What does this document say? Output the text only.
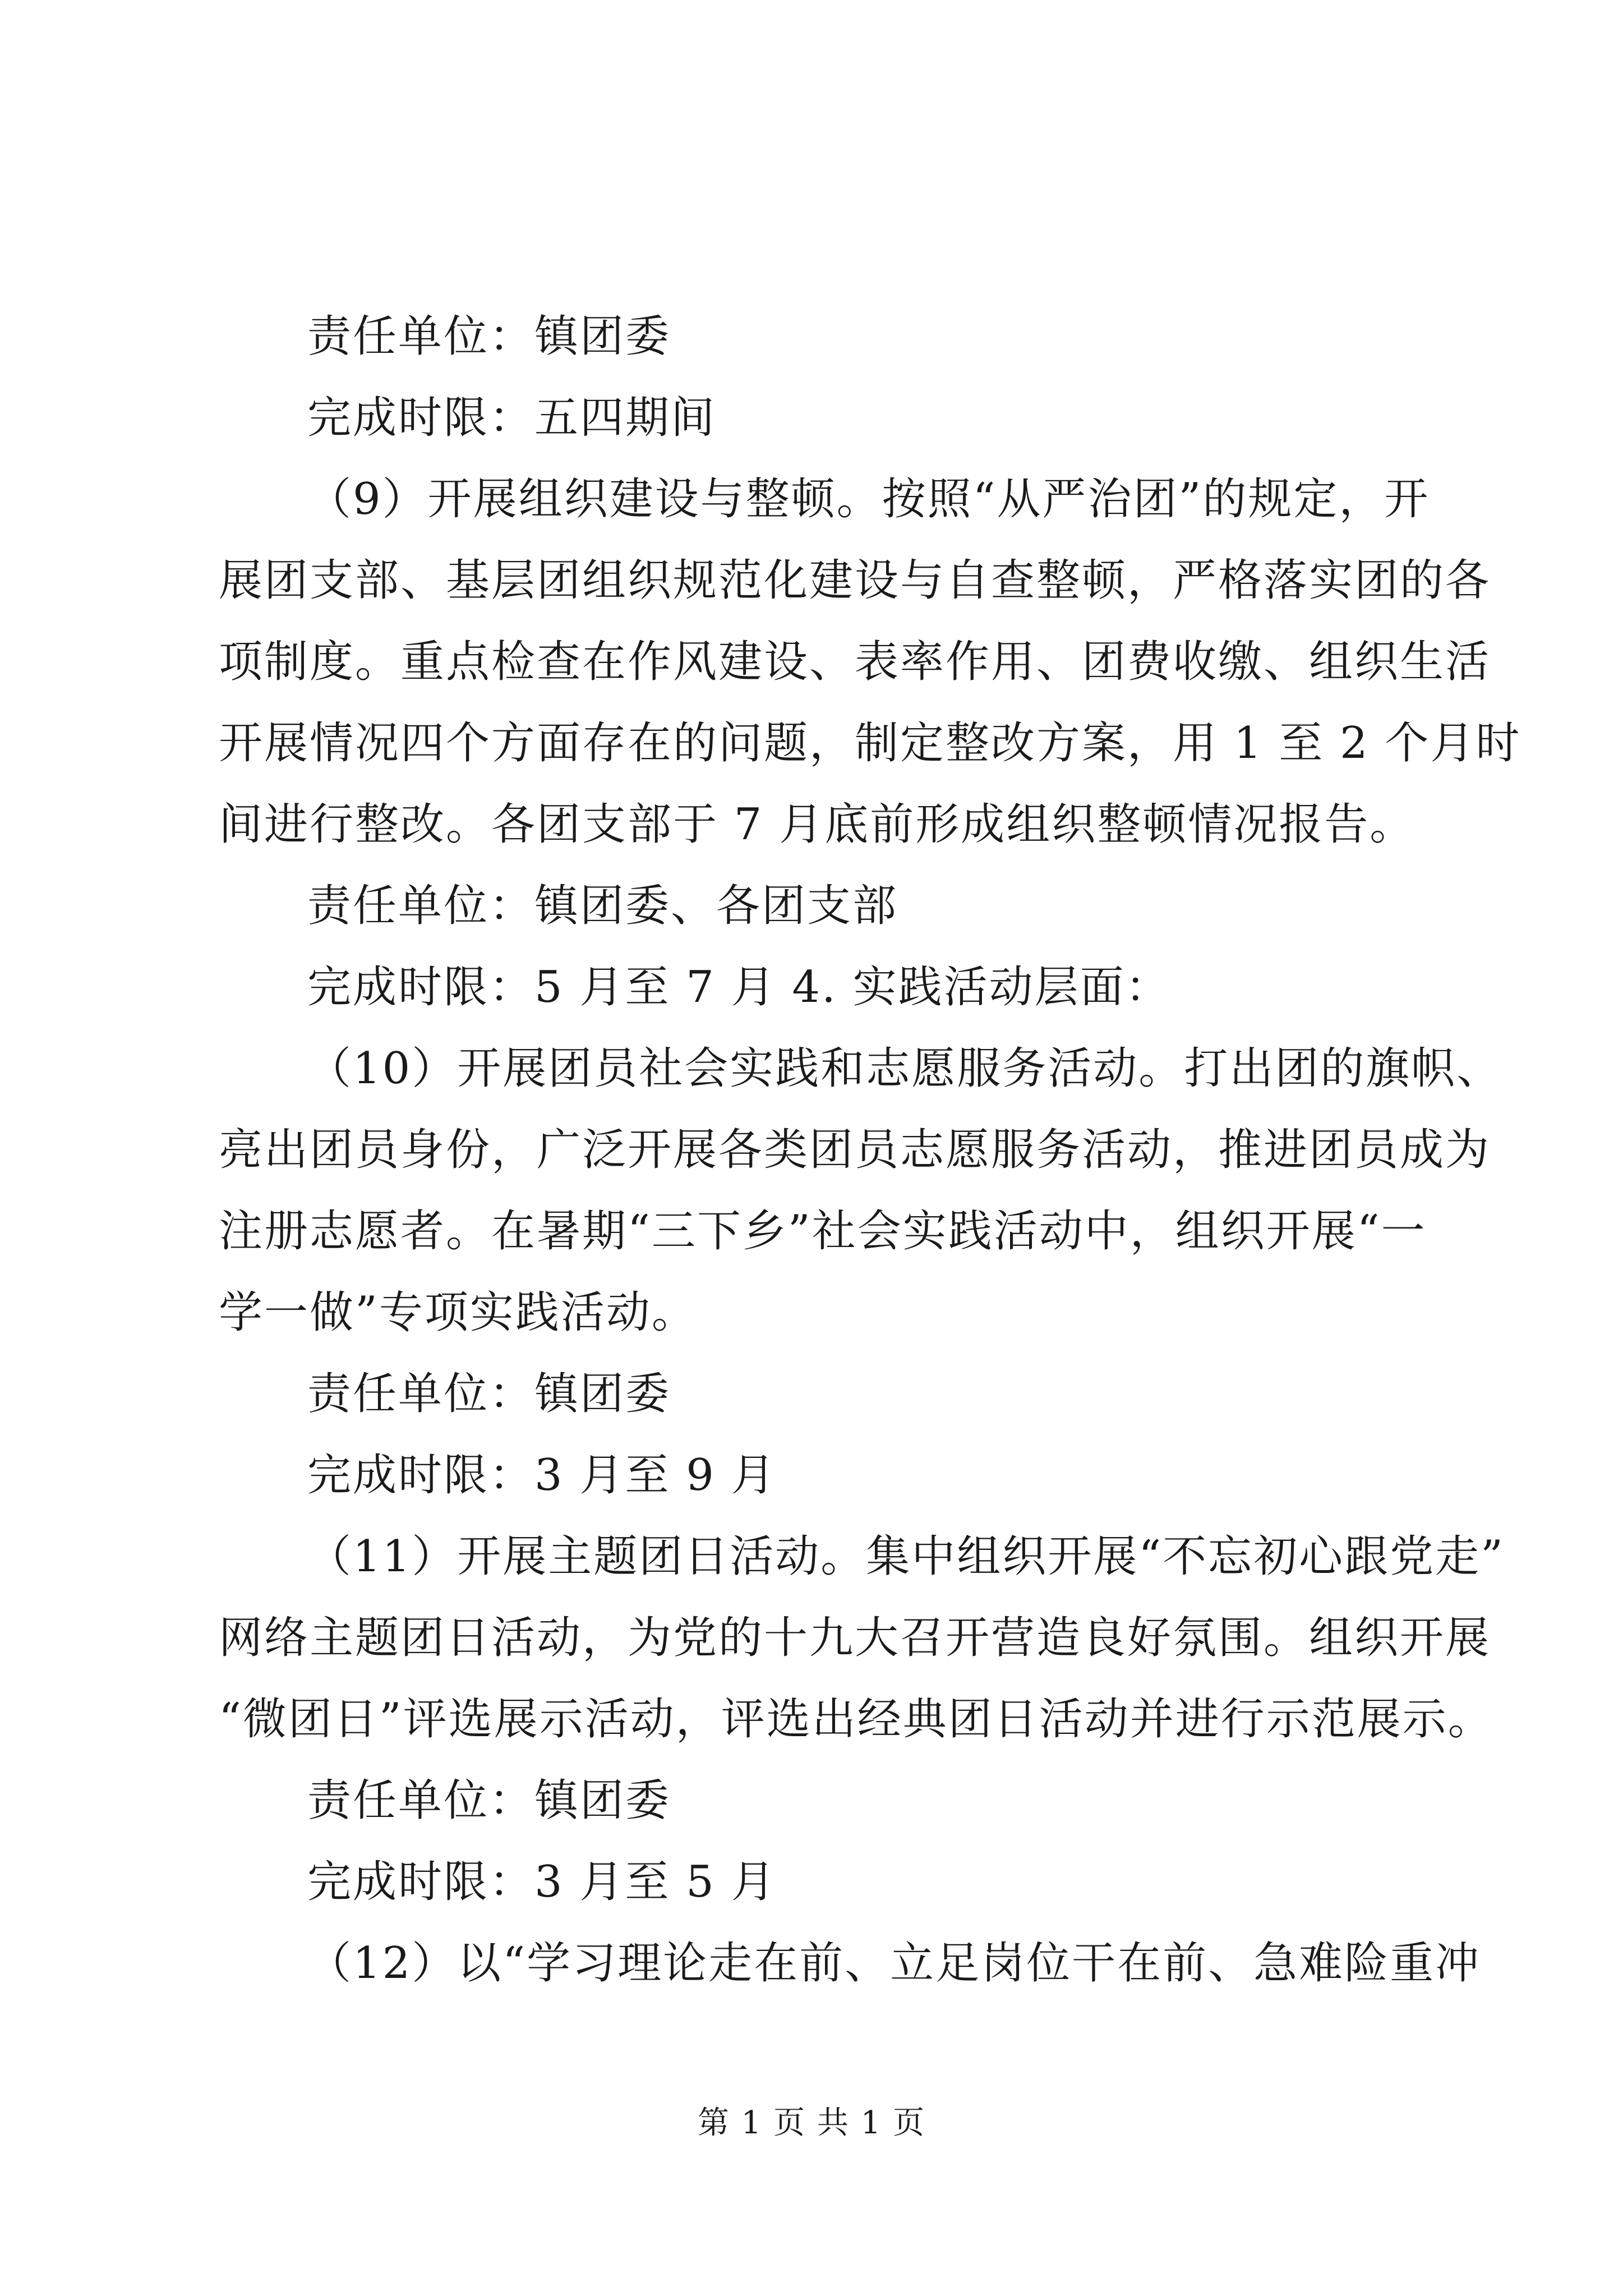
责任单位：镇团委
完成时限：五四期间
（9）开展组织建设与整顿。按照“从严治团”的规定，开
展团支部、基层团组织规范化建设与自查整顿，严格落实团的各
项制度。重点检查在作风建设、表率作用、团费收缴、组织生活
开展情况四个方面存在的问题，制定整改方案，用 1 至 2 个月时
间进行整改。各团支部于 7 月底前形成组织整顿情况报告。
责任单位：镇团委、各团支部
完成时限：5 月至 7 月 4. 实践活动层面：
（10）开展团员社会实践和志愿服务活动。打出团的旗帜、
亮出团员身份，广泛开展各类团员志愿服务活动，推进团员成为
注册志愿者。在暑期“三下乡”社会实践活动中，组织开展“一
学一做”专项实践活动。
责任单位：镇团委
完成时限：3 月至 9 月
（11）开展主题团日活动。集中组织开展“不忘初心跟党走”
网络主题团日活动，为党的十九大召开营造良好氛围。组织开展
“微团日”评选展示活动，评选出经典团日活动并进行示范展示。
责任单位：镇团委
完成时限：3 月至 5 月
（12）以“学习理论走在前、立足岗位干在前、急难险重冲
第 1 页 共 1 页
